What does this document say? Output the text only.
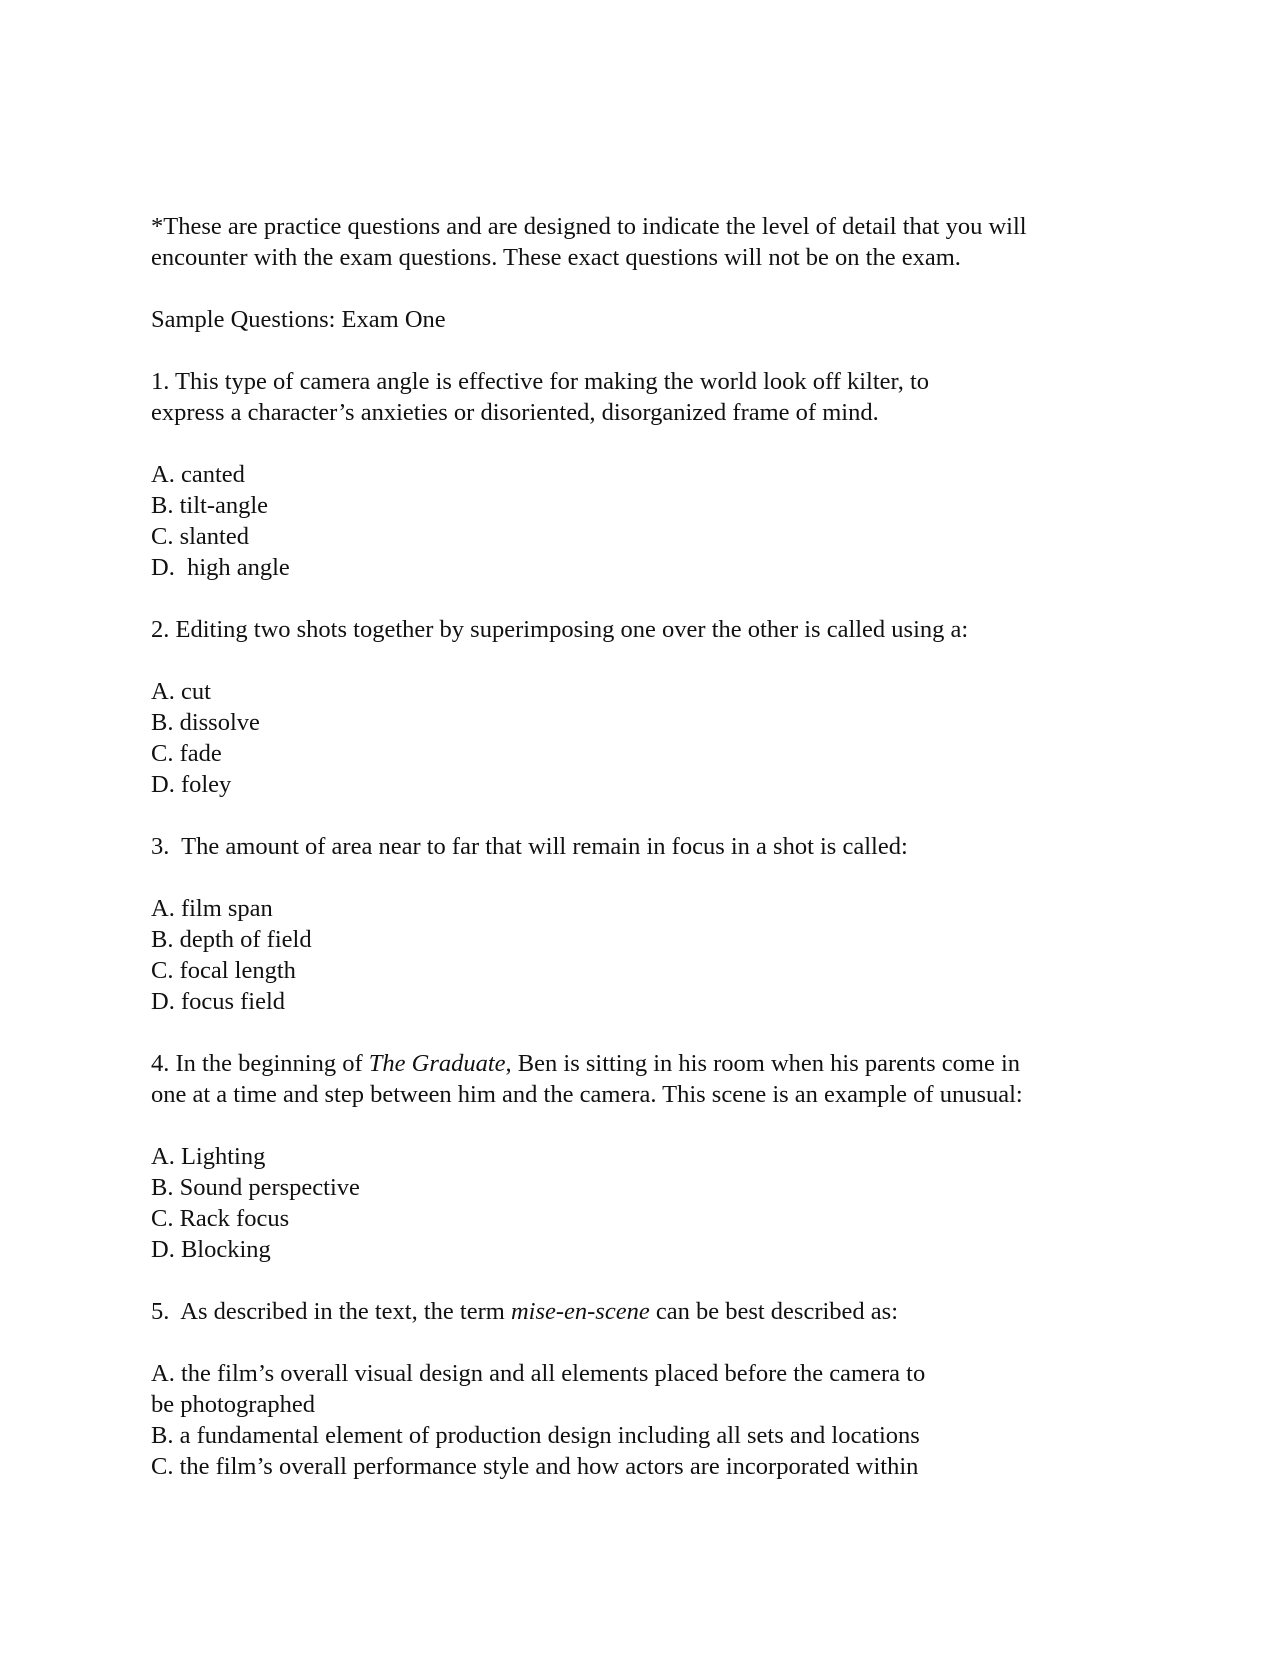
*These are practice questions and are designed to indicate the level of detail that you will encounter with the exam questions. These exact questions will not be on the exam.

Sample Questions: Exam One

1. This type of camera angle is effective for making the world look off kilter, to express a character’s anxieties or disoriented, disorganized frame of mind.

A. canted
B. tilt-angle
C. slanted
D.  high angle

2. Editing two shots together by superimposing one over the other is called using a:

A. cut
B. dissolve
C. fade
D. foley

3.  The amount of area near to far that will remain in focus in a shot is called:

A. film span
B. depth of field
C. focal length
D. focus field

4. In the beginning of The Graduate, Ben is sitting in his room when his parents come in one at a time and step between him and the camera. This scene is an example of unusual:

A. Lighting
B. Sound perspective
C. Rack focus
D. Blocking

5.  As described in the text, the term mise-en-scene can be best described as:

A. the film’s overall visual design and all elements placed before the camera to be photographed
B. a fundamental element of production design including all sets and locations
C. the film’s overall performance style and how actors are incorporated within
